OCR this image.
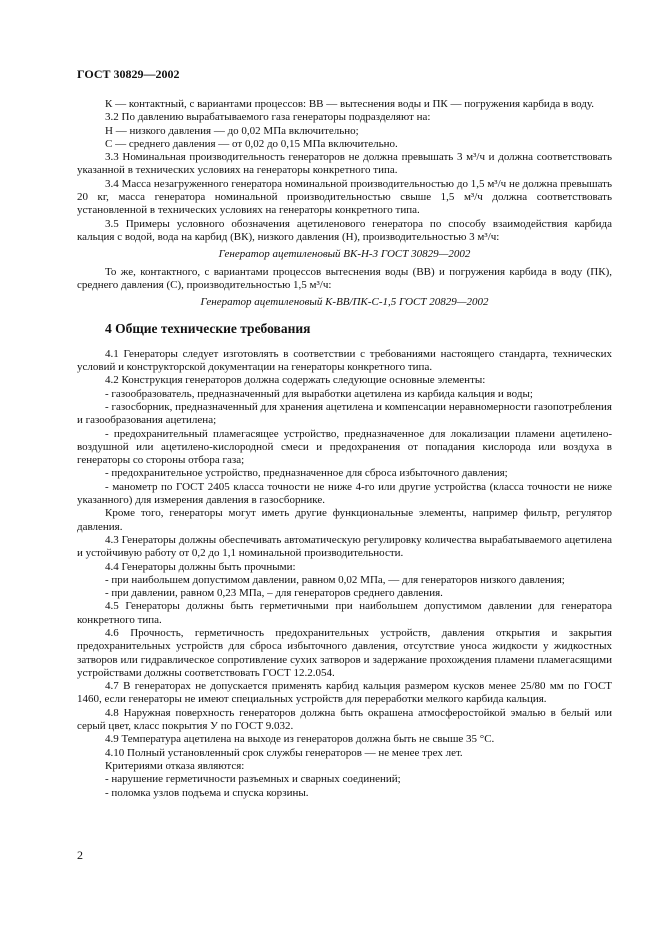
ГОСТ 30829—2002

К — контактный, с вариантами процессов: ВВ — вытеснения воды и ПК — погружения карбида в воду.

3.2 По давлению вырабатываемого газа генераторы подразделяют на:

Н — низкого давления — до 0,02 МПа включительно;

С — среднего давления — от 0,02 до 0,15 МПа включительно.

3.3 Номинальная производительность генераторов не должна превышать 3 м³/ч и должна соответствовать указанной в технических условиях на генераторы конкретного типа.

3.4 Масса незагруженного генератора номинальной производительностью до 1,5 м³/ч не должна превышать 20 кг, масса генератора номинальной производительностью свыше 1,5 м³/ч должна соответствовать установленной в технических условиях на генераторы конкретного типа.

3.5 Примеры условного обозначения ацетиленового генератора по способу взаимодействия карбида кальция с водой, вода на карбид (ВК), низкого давления (Н), производительностью 3 м³/ч:

Генератор ацетиленовый ВК-Н-3 ГОСТ 30829—2002

То же, контактного, с вариантами процессов вытеснения воды (ВВ) и погружения карбида в воду (ПК), среднего давления (С), производительностью 1,5 м³/ч:

Генератор ацетиленовый К-ВВ/ПК-С-1,5 ГОСТ 20829—2002

4 Общие технические требования

4.1 Генераторы следует изготовлять в соответствии с требованиями настоящего стандарта, технических условий и конструкторской документации на генераторы конкретного типа.

4.2 Конструкция генераторов должна содержать следующие основные элементы:

- газообразователь, предназначенный для выработки ацетилена из карбида кальция и воды;

- газосборник, предназначенный для хранения ацетилена и компенсации неравномерности газопотребления и газообразования ацетилена;

- предохранительный пламегасящее устройство, предназначенное для локализации пламени ацетилено-воздушной или ацетилено-кислородной смеси и предохранения от попадания кислорода или воздуха в генераторы со стороны отбора газа;

- предохранительное устройство, предназначенное для сброса избыточного давления;

- манометр по ГОСТ 2405 класса точности не ниже 4-го или другие устройства (класса точности не ниже указанного) для измерения давления в газосборнике.

Кроме того, генераторы могут иметь другие функциональные элементы, например фильтр, регулятор давления.

4.3 Генераторы должны обеспечивать автоматическую регулировку количества вырабатываемого ацетилена и устойчивую работу от 0,2 до 1,1 номинальной производительности.

4.4 Генераторы должны быть прочными:

- при наибольшем допустимом давлении, равном 0,02 МПа, — для генераторов низкого давления;

- при давлении, равном 0,23 МПа, – для генераторов среднего давления.

4.5 Генераторы должны быть герметичными при наибольшем допустимом давлении для генератора конкретного типа.

4.6 Прочность, герметичность предохранительных устройств, давления открытия и закрытия предохранительных устройств для сброса избыточного давления, отсутствие уноса жидкости у жидкостных затворов или гидравлическое сопротивление сухих затворов и задержание прохождения пламени пламегасящими устройствами должны соответствовать ГОСТ 12.2.054.

4.7 В генераторах не допускается применять карбид кальция размером кусков менее 25/80 мм по ГОСТ 1460, если генераторы не имеют специальных устройств для переработки мелкого карбида кальция.

4.8 Наружная поверхность генераторов должна быть окрашена атмосферостойкой эмалью в белый или серый цвет, класс покрытия У по ГОСТ 9.032.

4.9 Температура ацетилена на выходе из генераторов должна быть не свыше 35 °С.

4.10 Полный установленный срок службы генераторов — не менее трех лет.

Критериями отказа являются:

- нарушение герметичности разъемных и сварных соединений;

- поломка узлов подъема и спуска корзины.

2
